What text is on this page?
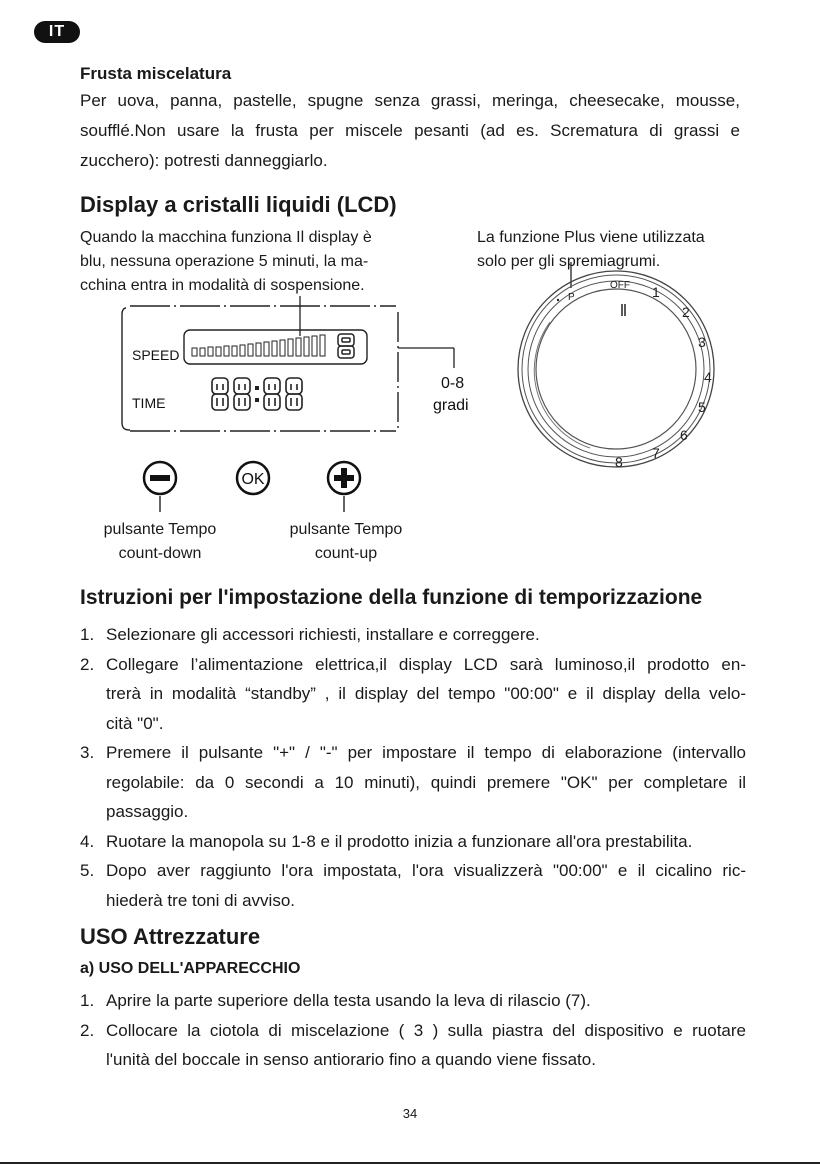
IT
Frusta miscelatura
Per uova, panna, pastelle, spugne senza grassi, meringa, cheesecake, mousse,
soufflé.Non usare la frusta per miscele pesanti (ad es. Scrematura di grassi e
zucchero): potresti danneggiarlo.
Display a cristalli liquidi (LCD)
Quando la macchina funziona Il display è
blu, nessuna operazione 5 minuti, la ma-
cchina entra in modalità di sospensione.
La funzione Plus viene utilizzata
solo per gli spremiagrumi.
SPEED
TIME
0-8
gradi
OK
pulsante Tempo
count-down
pulsante Tempo
count-up
P
OFF 1
2
3
4
5
6
7
8
Istruzioni per l'impostazione della funzione di temporizzazione
1. Selezionare gli accessori richiesti, installare e correggere.
2. Collegare l’alimentazione elettrica,il display LCD sarà luminoso,il prodotto en-
trerà in modalità “standby” , il display del tempo "00:00" e il display della velo-
cità "0".
3. Premere il pulsante "+" / "-" per impostare il tempo di elaborazione (intervallo
regolabile: da 0 secondi a 10 minuti), quindi premere "OK" per completare il
passaggio.
4. Ruotare la manopola su 1-8 e il prodotto inizia a funzionare all'ora prestabilita.
5. Dopo aver raggiunto l'ora impostata, l'ora visualizzerà "00:00" e il cicalino ric-
hiederà tre toni di avviso.
USO Attrezzature
a) USO DELL'APPARECCHIO
1. Aprire la parte superiore della testa usando la leva di rilascio (7).
2. Collocare la ciotola di miscelazione ( 3 ) sulla piastra del dispositivo e ruotare
l'unità del boccale in senso antiorario fino a quando viene fissato.
34
